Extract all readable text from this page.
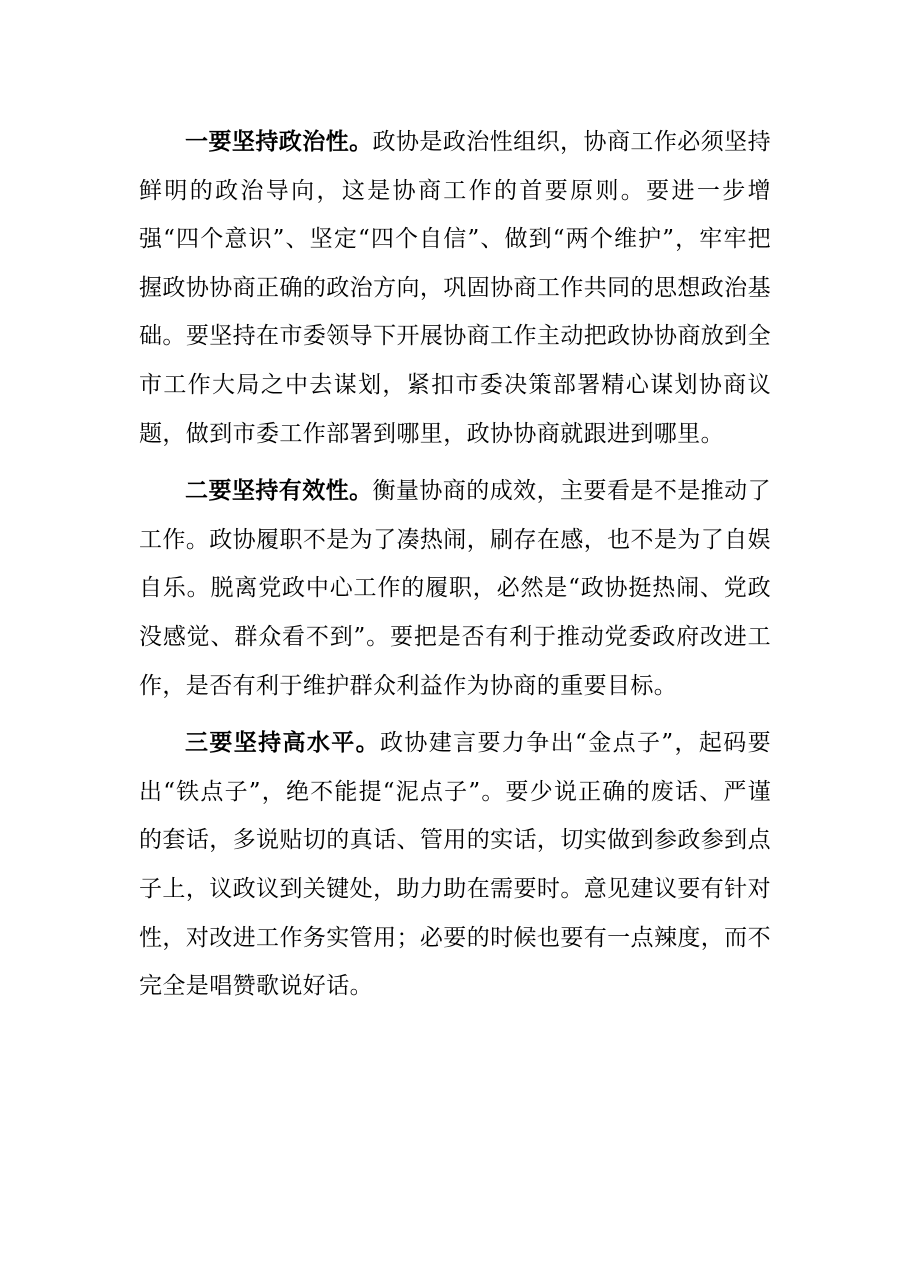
一要坚持政治性。政协是政治性组织，协商工作必须坚持鲜明的政治导向，这是协商工作的首要原则。要进一步增强“四个意识”、坚定“四个自信”、做到“两个维护”，牢牢把握政协协商正确的政治方向，巩固协商工作共同的思想政治基础。要坚持在市委领导下开展协商工作主动把政协协商放到全市工作大局之中去谋划，紧扣市委决策部署精心谋划协商议题，做到市委工作部署到哪里，政协协商就跟进到哪里。

二要坚持有效性。衡量协商的成效，主要看是不是推动了工作。政协履职不是为了凑热闹，刷存在感，也不是为了自娱自乐。脱离党政中心工作的履职，必然是“政协挺热闹、党政没感觉、群众看不到”。要把是否有利于推动党委政府改进工作，是否有利于维护群众利益作为协商的重要目标。

三要坚持高水平。政协建言要力争出“金点子”，起码要出“铁点子”，绝不能提“泥点子”。要少说正确的废话、严谨的套话，多说贴切的真话、管用的实话，切实做到参政参到点子上，议政议到关键处，助力助在需要时。意见建议要有针对性，对改进工作务实管用；必要的时候也要有一点辣度，而不完全是唱赞歌说好话。
